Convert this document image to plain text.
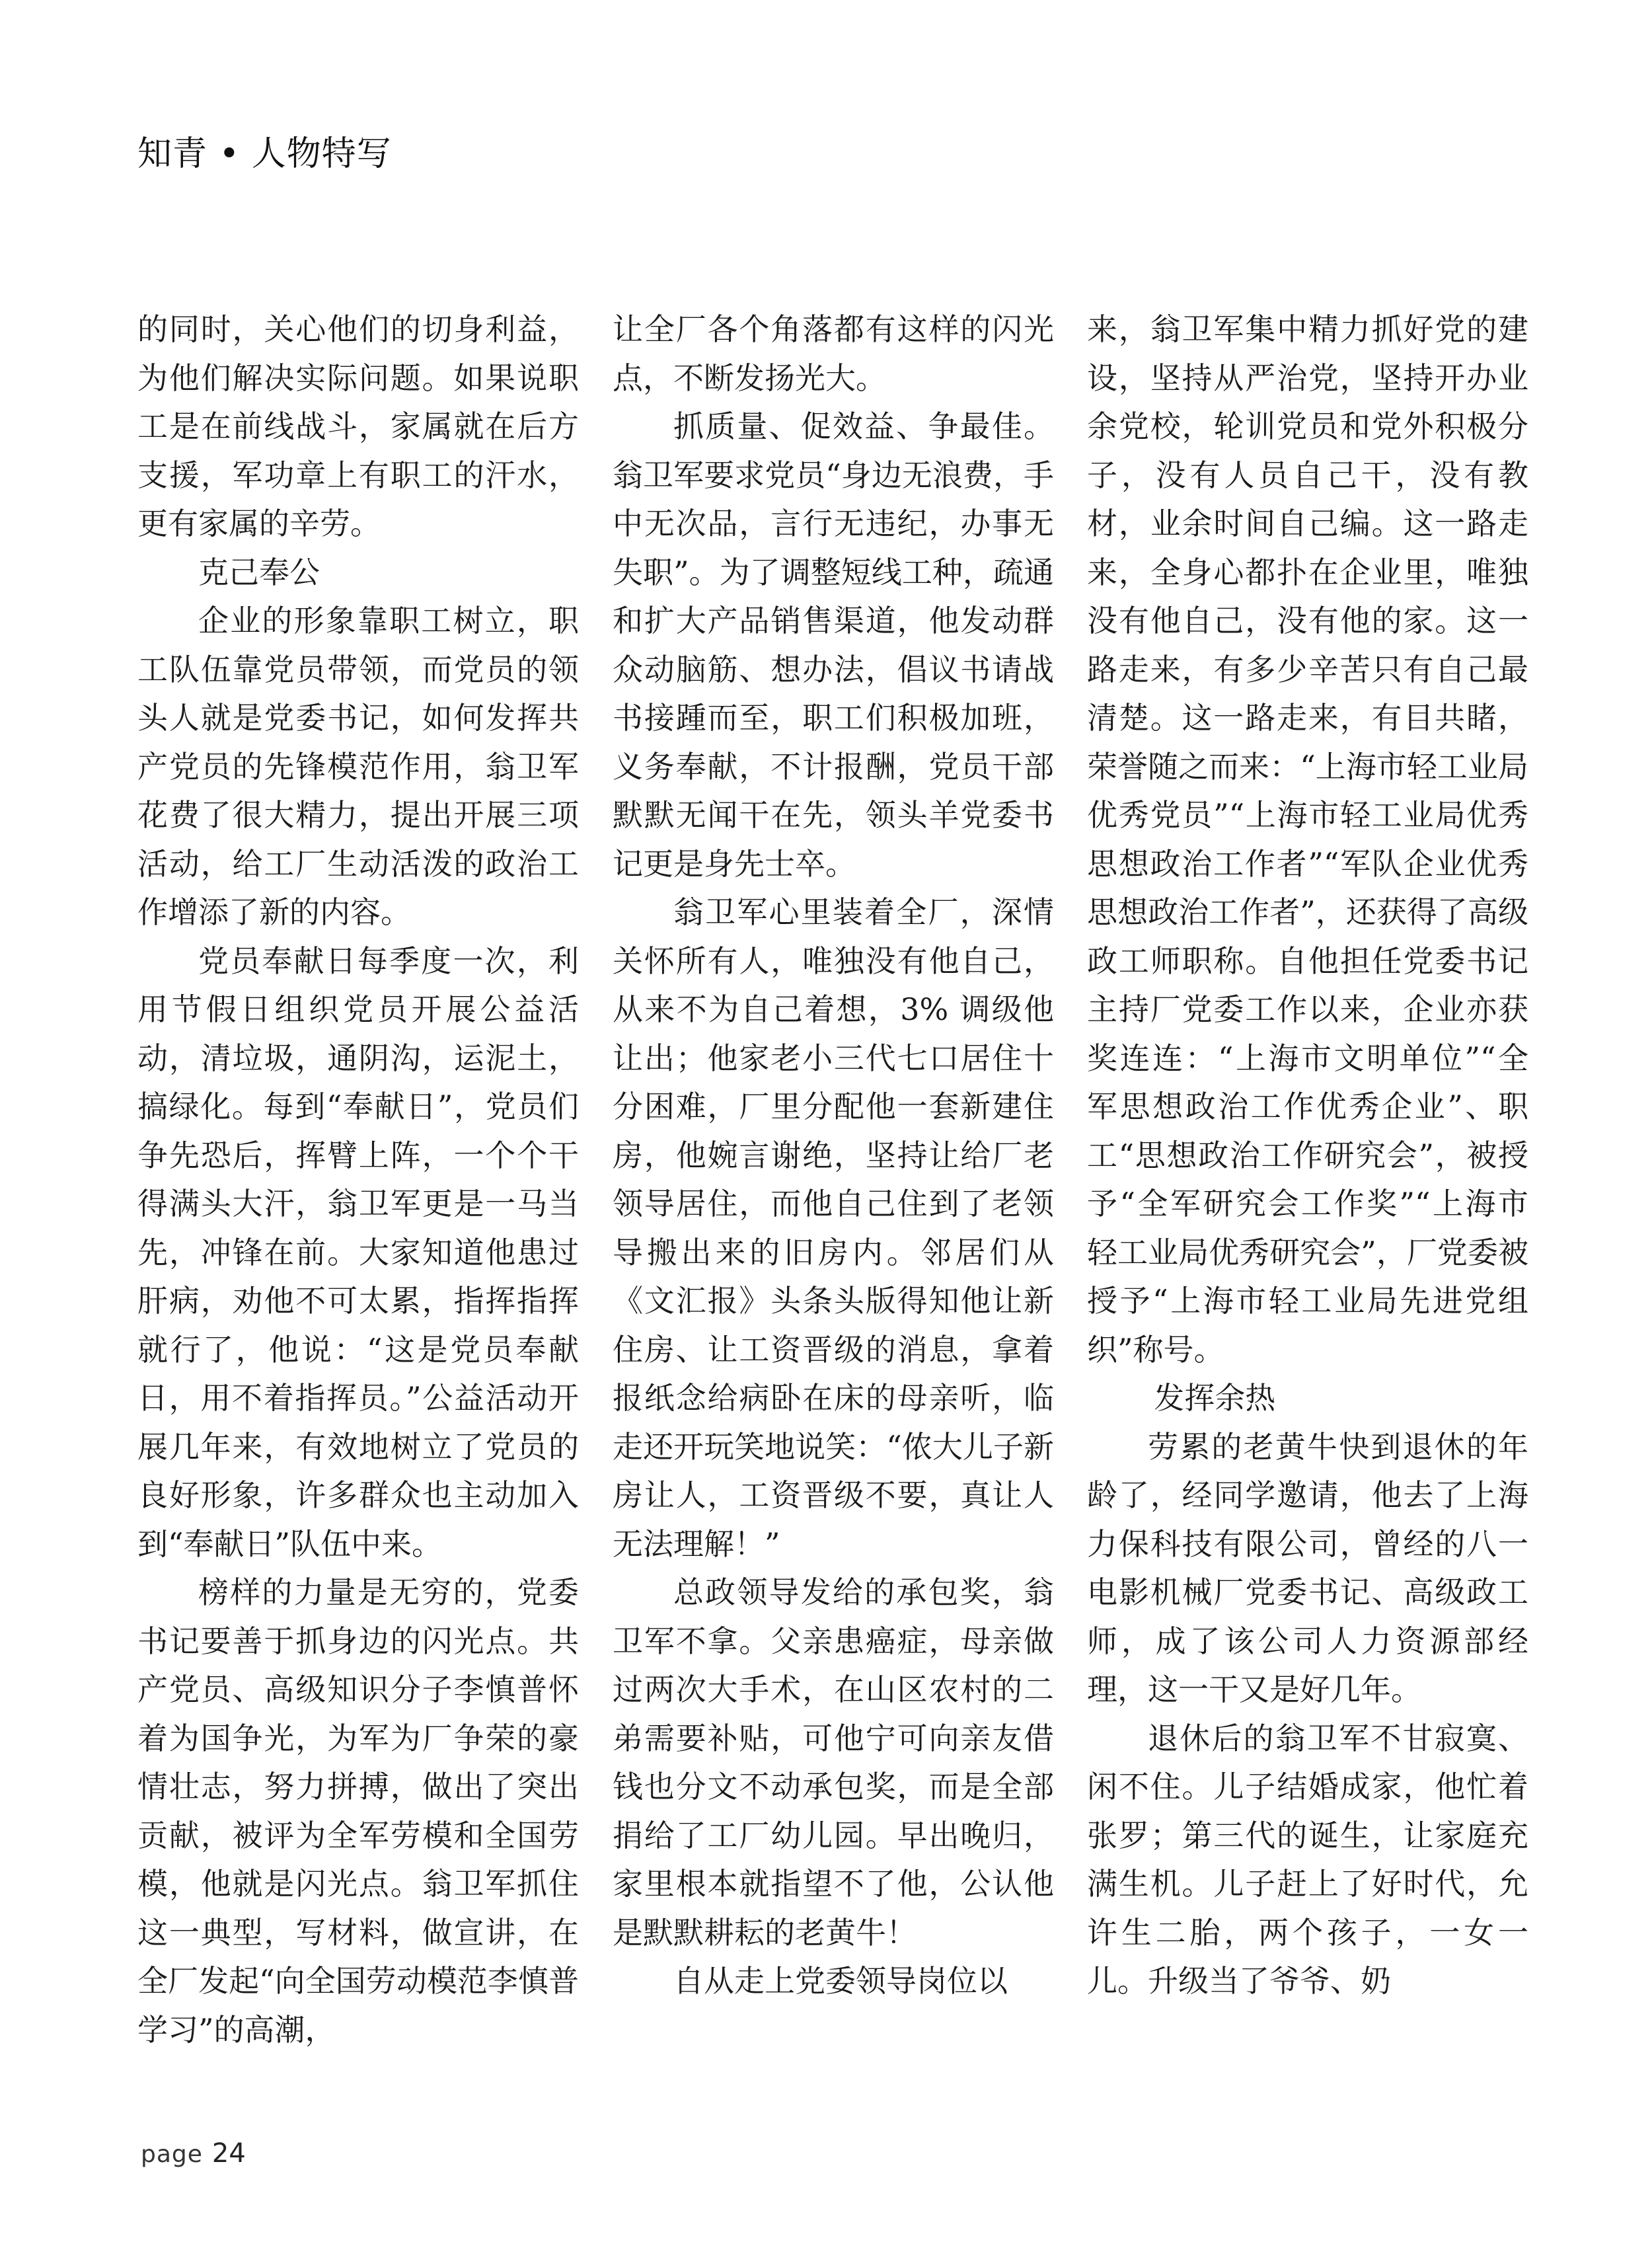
知青 • 人物特写

的同时，关心他们的切身利益，为他们解决实际问题。如果说职工是在前线战斗，家属就在后方支援，军功章上有职工的汗水，更有家属的辛劳。

克己奉公

企业的形象靠职工树立，职工队伍靠党员带领，而党员的领头人就是党委书记，如何发挥共产党员的先锋模范作用，翁卫军花费了很大精力，提出开展三项活动，给工厂生动活泼的政治工作增添了新的内容。

党员奉献日每季度一次，利用节假日组织党员开展公益活动，清垃圾，通阴沟，运泥土，搞绿化。每到“奉献日”，党员们争先恐后，挥臂上阵，一个个干得满头大汗，翁卫军更是一马当先，冲锋在前。大家知道他患过肝病，劝他不可太累，指挥指挥就行了，他说：“这是党员奉献日，用不着指挥员。”公益活动开展几年来，有效地树立了党员的良好形象，许多群众也主动加入到“奉献日”队伍中来。

榜样的力量是无穷的，党委书记要善于抓身边的闪光点。共产党员、高级知识分子李慎普怀着为国争光，为军为厂争荣的豪情壮志，努力拼搏，做出了突出贡献，被评为全军劳模和全国劳模，他就是闪光点。翁卫军抓住这一典型，写材料，做宣讲，在全厂发起“向全国劳动模范李慎普学习”的高潮，

让全厂各个角落都有这样的闪光点，不断发扬光大。

抓质量、促效益、争最佳。翁卫军要求党员“身边无浪费，手中无次品，言行无违纪，办事无失职”。为了调整短线工种，疏通和扩大产品销售渠道，他发动群众动脑筋、想办法，倡议书请战书接踵而至，职工们积极加班，义务奉献，不计报酬，党员干部默默无闻干在先，领头羊党委书记更是身先士卒。

翁卫军心里装着全厂，深情关怀所有人，唯独没有他自己，从来不为自己着想，3% 调级他让出；他家老小三代七口居住十分困难，厂里分配他一套新建住房，他婉言谢绝，坚持让给厂老领导居住，而他自己住到了老领导搬出来的旧房内。邻居们从《文汇报》头条头版得知他让新住房、让工资晋级的消息，拿着报纸念给病卧在床的母亲听，临走还开玩笑地说笑：“侬大儿子新房让人，工资晋级不要，真让人无法理解！”

总政领导发给的承包奖，翁卫军不拿。父亲患癌症，母亲做过两次大手术，在山区农村的二弟需要补贴，可他宁可向亲友借钱也分文不动承包奖，而是全部捐给了工厂幼儿园。早出晚归，家里根本就指望不了他，公认他是默默耕耘的老黄牛！

自从走上党委领导岗位以

来，翁卫军集中精力抓好党的建设，坚持从严治党，坚持开办业余党校，轮训党员和党外积极分子，没有人员自己干，没有教材，业余时间自己编。这一路走来，全身心都扑在企业里，唯独没有他自己，没有他的家。这一路走来，有多少辛苦只有自己最清楚。这一路走来，有目共睹，荣誉随之而来：“上海市轻工业局优秀党员”“上海市轻工业局优秀思想政治工作者”“军队企业优秀思想政治工作者”，还获得了高级政工师职称。自他担任党委书记主持厂党委工作以来，企业亦获奖连连：“上海市文明单位”“全军思想政治工作优秀企业”、职工“思想政治工作研究会”，被授予“全军研究会工作奖”“上海市轻工业局优秀研究会”，厂党委被授予“上海市轻工业局先进党组织”称号。

发挥余热

劳累的老黄牛快到退休的年龄了，经同学邀请，他去了上海力保科技有限公司，曾经的八一电影机械厂党委书记、高级政工师，成了该公司人力资源部经理，这一干又是好几年。

退休后的翁卫军不甘寂寞、闲不住。儿子结婚成家，他忙着张罗；第三代的诞生，让家庭充满生机。儿子赶上了好时代，允许生二胎，两个孩子，一女一儿。升级当了爷爷、奶

page 24
